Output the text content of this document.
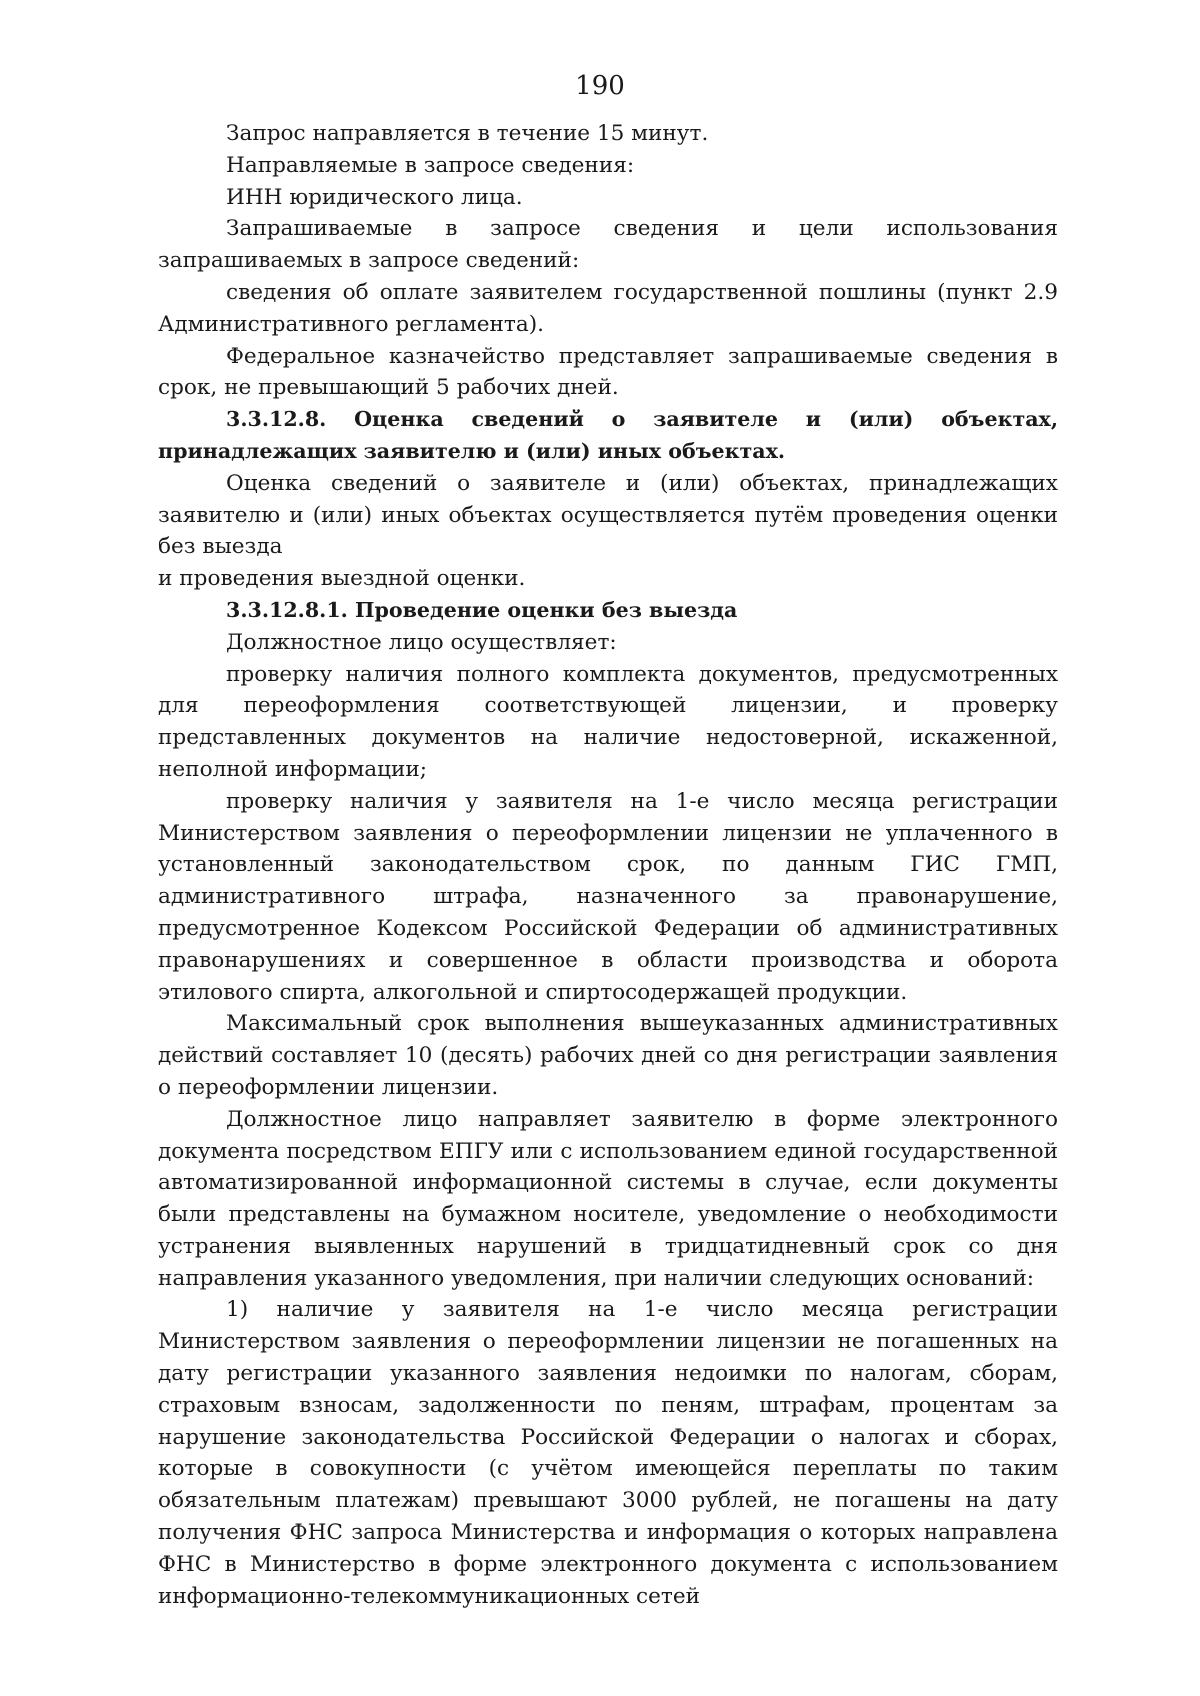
190

Запрос направляется в течение 15 минут.

Направляемые в запросе сведения:

ИНН юридического лица.

Запрашиваемые в запросе сведения и цели использования запрашиваемых в запросе сведений:

сведения об оплате заявителем государственной пошлины (пункт 2.9 Административного регламента).

Федеральное казначейство представляет запрашиваемые сведения в срок, не превышающий 5 рабочих дней.

3.3.12.8. Оценка сведений о заявителе и (или) объектах, принадлежащих заявителю и (или) иных объектах.

Оценка сведений о заявителе и (или) объектах, принадлежащих заявителю и (или) иных объектах осуществляется путём проведения оценки без выезда

и проведения выездной оценки.

3.3.12.8.1. Проведение оценки без выезда

Должностное лицо осуществляет:

проверку наличия полного комплекта документов, предусмотренных для переоформления соответствующей лицензии, и проверку представленных документов на наличие недостоверной, искаженной, неполной информации;

проверку наличия у заявителя на 1-е число месяца регистрации Министерством заявления о переоформлении лицензии не уплаченного в установленный законодательством срок, по данным ГИС ГМП, административного штрафа, назначенного за правонарушение, предусмотренное Кодексом Российской Федерации об административных правонарушениях и совершенное в области производства и оборота этилового спирта, алкогольной и спиртосодержащей продукции.

Максимальный срок выполнения вышеуказанных административных действий составляет 10 (десять) рабочих дней со дня регистрации заявления о переоформлении лицензии.

Должностное лицо направляет заявителю в форме электронного документа посредством ЕПГУ или с использованием единой государственной автоматизированной информационной системы в случае, если документы были представлены на бумажном носителе, уведомление о необходимости устранения выявленных нарушений в тридцатидневный срок со дня направления указанного уведомления, при наличии следующих оснований:

1) наличие у заявителя на 1-е число месяца регистрации Министерством заявления о переоформлении лицензии не погашенных на дату регистрации указанного заявления недоимки по налогам, сборам, страховым взносам, задолженности по пеням, штрафам, процентам за нарушение законодательства Российской Федерации о налогах и сборах, которые в совокупности (с учётом имеющейся переплаты по таким обязательным платежам) превышают 3000 рублей, не погашены на дату получения ФНС запроса Министерства и информация о которых направлена ФНС в Министерство в форме электронного документа с использованием информационно-телекоммуникационных сетей
